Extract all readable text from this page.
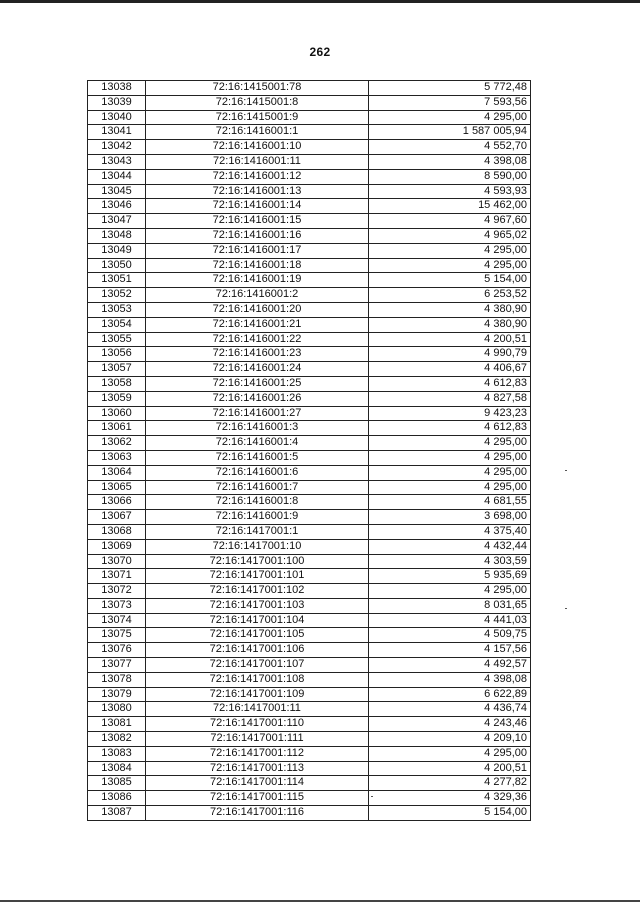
262
13038	72:16:1415001:78	5 772,48
13039	72:16:1415001:8	7 593,56
13040	72:16:1415001:9	4 295,00
13041	72:16:1416001:1	1 587 005,94
13042	72:16:1416001:10	4 552,70
13043	72:16:1416001:11	4 398,08
13044	72:16:1416001:12	8 590,00
13045	72:16:1416001:13	4 593,93
13046	72:16:1416001:14	15 462,00
13047	72:16:1416001:15	4 967,60
13048	72:16:1416001:16	4 965,02
13049	72:16:1416001:17	4 295,00
13050	72:16:1416001:18	4 295,00
13051	72:16:1416001:19	5 154,00
13052	72:16:1416001:2	6 253,52
13053	72:16:1416001:20	4 380,90
13054	72:16:1416001:21	4 380,90
13055	72:16:1416001:22	4 200,51
13056	72:16:1416001:23	4 990,79
13057	72:16:1416001:24	4 406,67
13058	72:16:1416001:25	4 612,83
13059	72:16:1416001:26	4 827,58
13060	72:16:1416001:27	9 423,23
13061	72:16:1416001:3	4 612,83
13062	72:16:1416001:4	4 295,00
13063	72:16:1416001:5	4 295,00
13064	72:16:1416001:6	4 295,00
13065	72:16:1416001:7	4 295,00
13066	72:16:1416001:8	4 681,55
13067	72:16:1416001:9	3 698,00
13068	72:16:1417001:1	4 375,40
13069	72:16:1417001:10	4 432,44
13070	72:16:1417001:100	4 303,59
13071	72:16:1417001:101	5 935,69
13072	72:16:1417001:102	4 295,00
13073	72:16:1417001:103	8 031,65
13074	72:16:1417001:104	4 441,03
13075	72:16:1417001:105	4 509,75
13076	72:16:1417001:106	4 157,56
13077	72:16:1417001:107	4 492,57
13078	72:16:1417001:108	4 398,08
13079	72:16:1417001:109	6 622,89
13080	72:16:1417001:11	4 436,74
13081	72:16:1417001:110	4 243,46
13082	72:16:1417001:111	4 209,10
13083	72:16:1417001:112	4 295,00
13084	72:16:1417001:113	4 200,51
13085	72:16:1417001:114	4 277,82
13086	72:16:1417001:115	4 329,36
13087	72:16:1417001:116	5 154,00
